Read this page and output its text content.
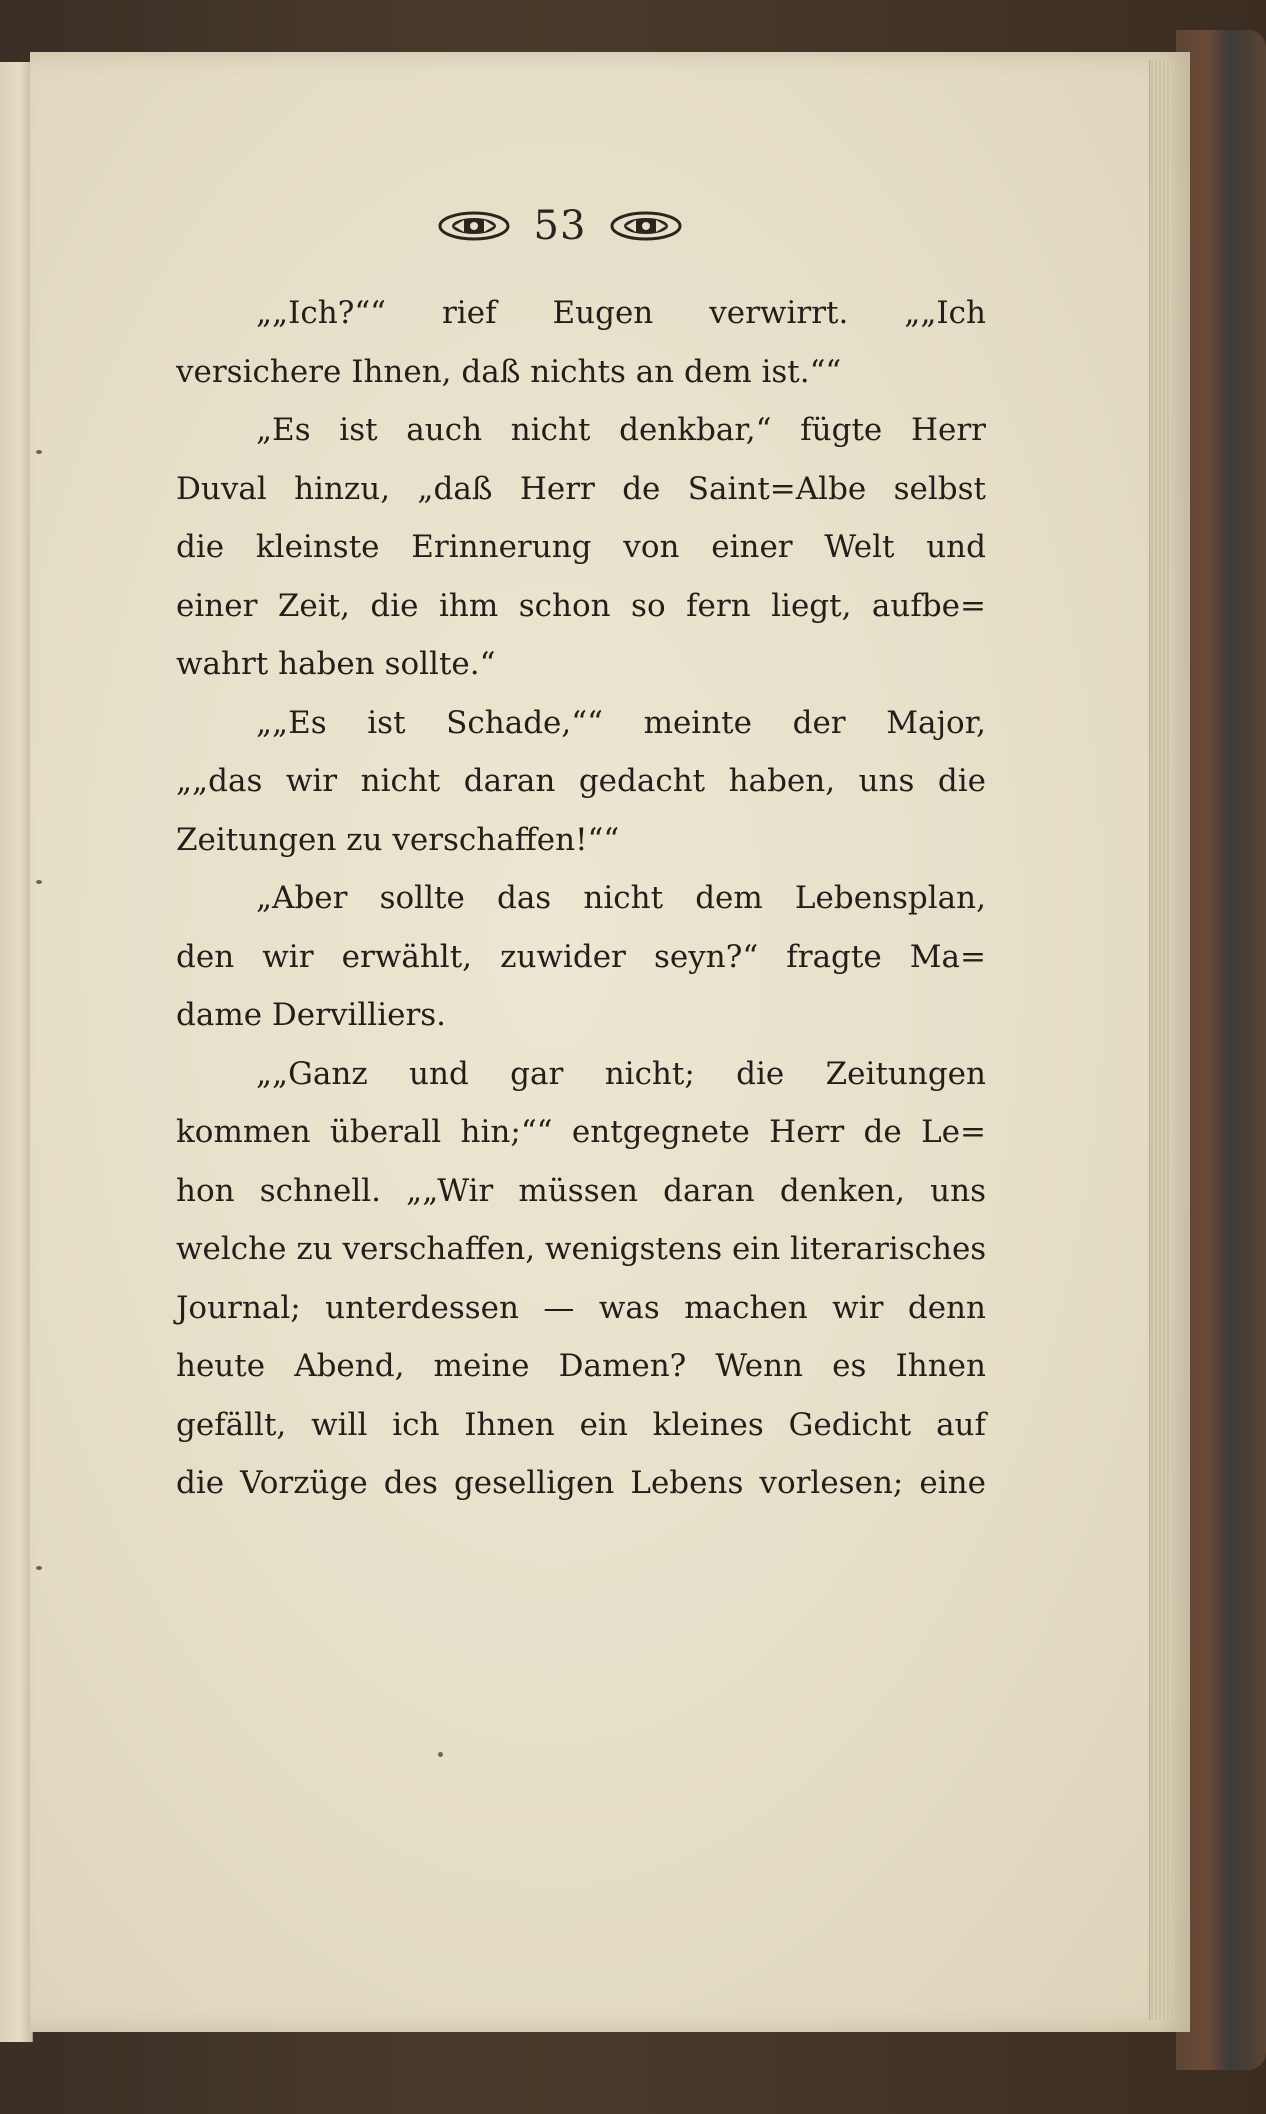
53
„„Ich?““ rief Eugen verwirrt. „„Ich
versichere Ihnen, daß nichts an dem ist.““
„Es ist auch nicht denkbar,“ fügte Herr
Duval hinzu, „daß Herr de Saint=Albe selbst
die kleinste Erinnerung von einer Welt und
einer Zeit, die ihm schon so fern liegt, aufbe=
wahrt haben sollte.“
„„Es ist Schade,““ meinte der Major,
„„das wir nicht daran gedacht haben, uns die
Zeitungen zu verschaffen!““
„Aber sollte das nicht dem Lebensplan,
den wir erwählt, zuwider seyn?“ fragte Ma=
dame Dervilliers.
„„Ganz und gar nicht; die Zeitungen
kommen überall hin;““ entgegnete Herr de Le=
hon schnell. „„Wir müssen daran denken, uns
welche zu verschaffen, wenigstens ein literarisches
Journal; unterdessen — was machen wir denn
heute Abend, meine Damen? Wenn es Ihnen
gefällt, will ich Ihnen ein kleines Gedicht auf
die Vorzüge des geselligen Lebens vorlesen; eine
